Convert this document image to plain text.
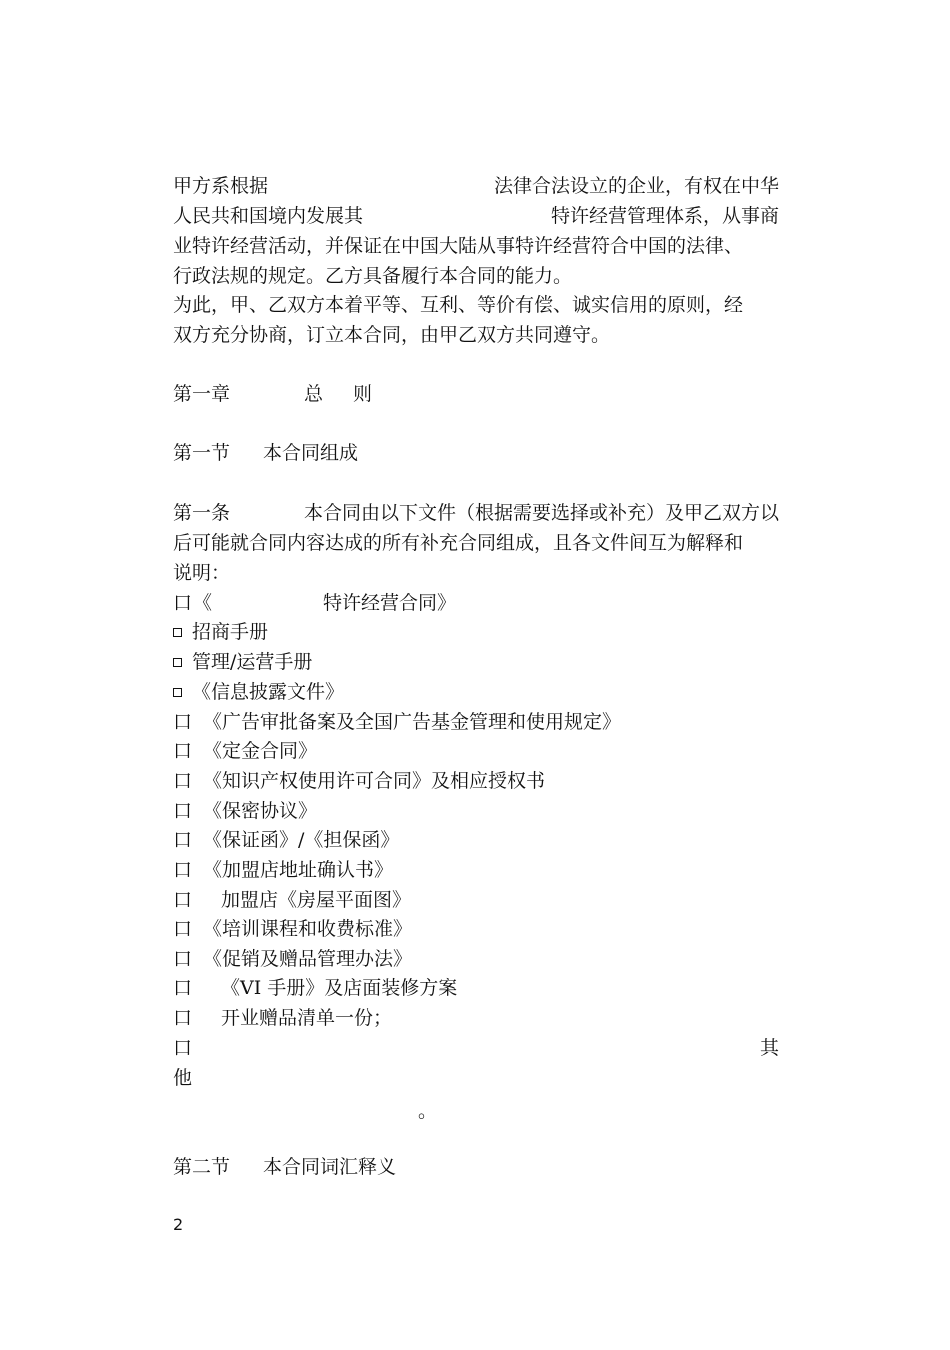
甲方系根据	法律合法设立的企业，有权在中华
人民共和国境内发展其	特许经营管理体系，从事商
业特许经营活动，并保证在中国大陆从事特许经营符合中国的法律、
行政法规的规定。乙方具备履行本合同的能力。
为此，甲、乙双方本着平等、互利、等价有偿、诚实信用的原则，经
双方充分协商，订立本合同，由甲乙双方共同遵守。
第一章	总 则
第一节 本合同组成
第一条	本合同由以下文件（根据需要选择或补充）及甲乙双方以
后可能就合同内容达成的所有补充合同组成，且各文件间互为解释和
说明：
口 《	特许经营合同》
招商手册
管理/运营手册
《信息披露文件》
口 《广告审批备案及全国广告基金管理和使用规定》
口 《定金合同》
口 《知识产权使用许可合同》及相应授权书
口 《保密协议》
口 《保证函》/《担保函》
口 《加盟店地址确认书》
口 加盟店《房屋平面图》
口 《培训课程和收费标准》
口 《促销及赠品管理办法》
口 《VI 手册》及店面装修方案
口 开业赠品清单一份；
口	其
他
。
第二节 本合同词汇释义
2
